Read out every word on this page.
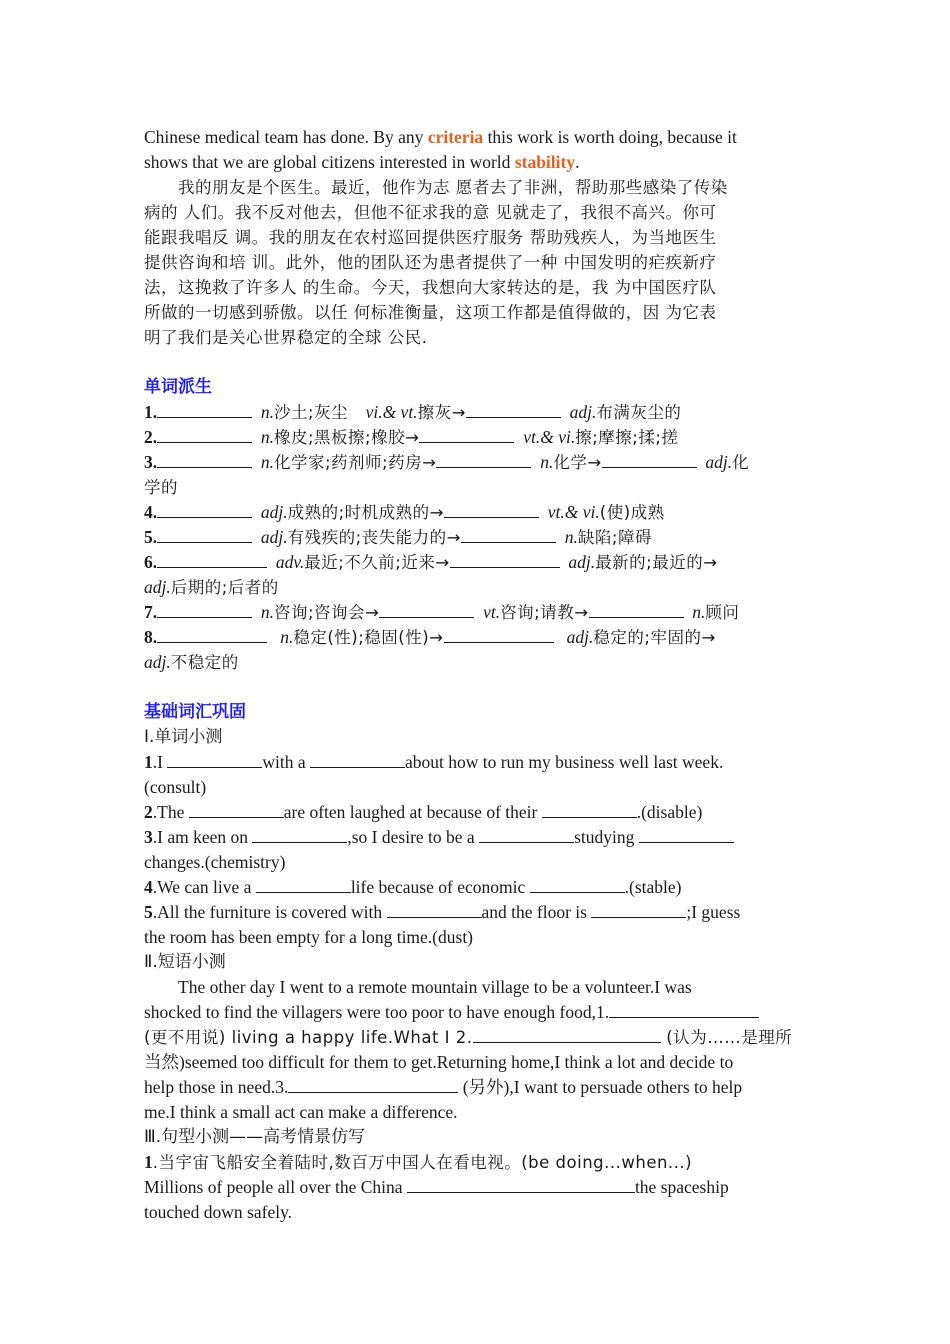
Chinese medical team has done. By any criteria this work is worth doing, because it
shows that we are global citizens interested in world stability.
我的朋友是个医生。最近，他作为志 愿者去了非洲，帮助那些感染了传染
病的 人们。我不反对他去，但他不征求我的意 见就走了，我很不高兴。你可
能跟我唱反 调。我的朋友在农村巡回提供医疗服务 帮助残疾人，为当地医生
提供咨询和培 训。此外，他的团队还为患者提供了一种 中国发明的疟疾新疗
法，这挽救了许多人 的生命。今天，我想向大家转达的是，我 为中国医疗队
所做的一切感到骄傲。以任 何标准衡量，这项工作都是值得做的，因 为它表
明了我们是关心世界稳定的全球 公民.
单词派生
1.	n.沙土;灰尘 vi.& vt.擦灰→	adj.布满灰尘的
2.	n.橡皮;黑板擦;橡胶→	vt.& vi.擦;摩擦;揉;搓
3.	n.化学家;药剂师;药房→	n.化学→	adj.化
学的
4.	adj.成熟的;时机成熟的→	vt.& vi.(使)成熟
5.	adj.有残疾的;丧失能力的→	n.缺陷;障碍
6.	adv.最近;不久前;近来→	adj.最新的;最近的→
adj.后期的;后者的
7.	n.咨询;咨询会→	vt.咨询;请教→	n.顾问
8.	n.稳定(性);稳固(性)→	adj.稳定的;牢固的→
adj.不稳定的
基础词汇巩固
Ⅰ.单词小测
1.I	with a	about how to run my business well last week.
(consult)
2.The	are often laughed at because of their	.(disable)
3.I am keen on	,so I desire to be a	studying
changes.(chemistry)
4.We can live a	life because of economic	.(stable)
5.All the furniture is covered with	and the floor is	;I guess
the room has been empty for a long time.(dust)
Ⅱ.短语小测
The other day I went to a remote mountain village to be a volunteer.I was
shocked to find the villagers were too poor to have enough food,1.
(更不用说) living a happy life.What I 2.	(认为……是理所
当然)seemed too difficult for them to get.Returning home,I think a lot and decide to
help those in need.3.	(另外),I want to persuade others to help
me.I think a small act can make a difference.
Ⅲ.句型小测——高考情景仿写
1.当宇宙飞船安全着陆时,数百万中国人在看电视。(be doing...when...)
Millions of people all over the China	the spaceship
touched down safely.
